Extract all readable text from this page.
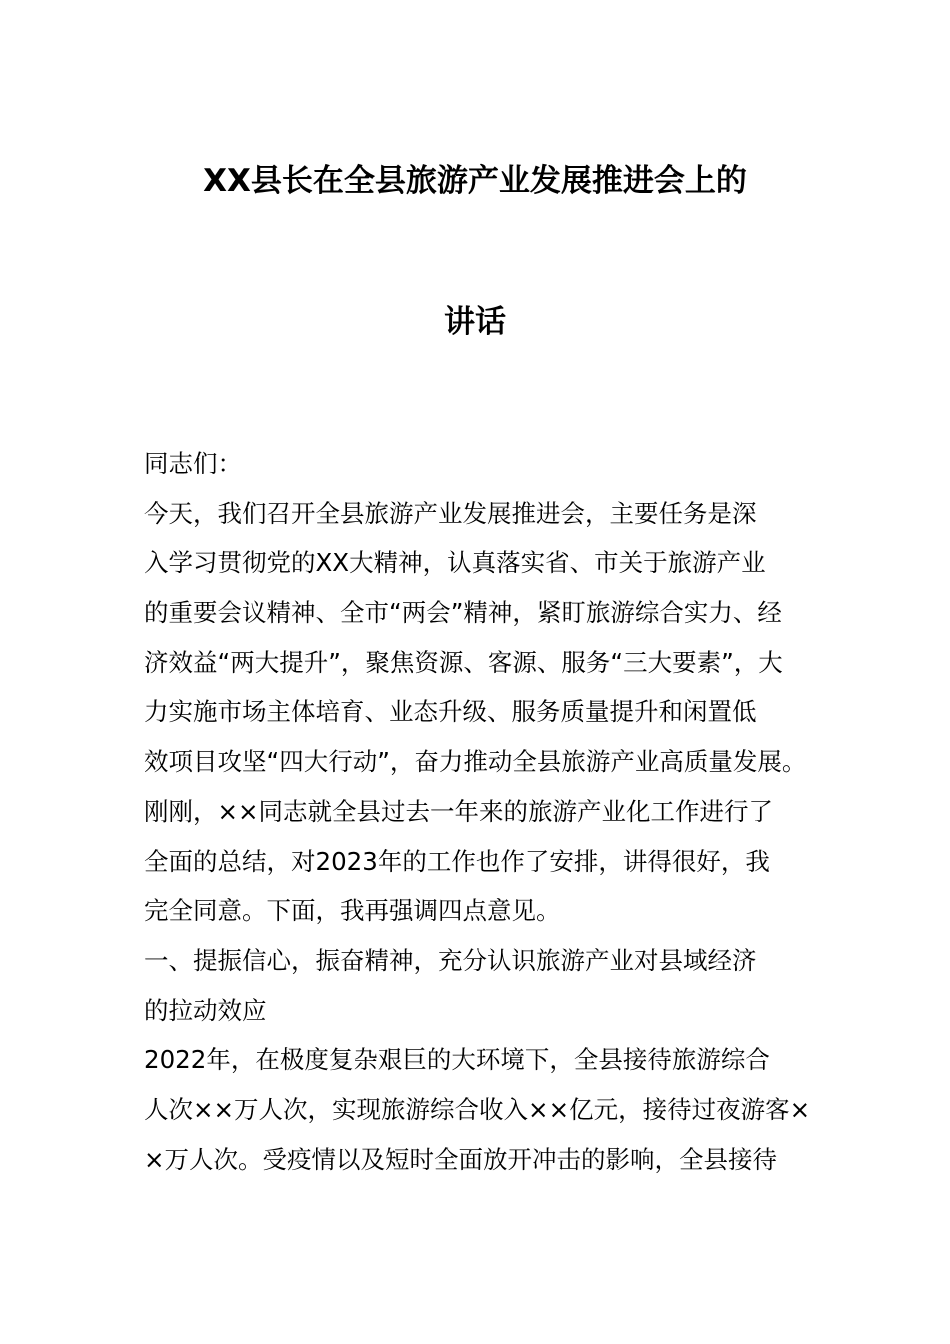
XX县长在全县旅游产业发展推进会上的
讲话
同志们：
今天，我们召开全县旅游产业发展推进会，主要任务是深
入学习贯彻党的XX大精神，认真落实省、市关于旅游产业
的重要会议精神、全市“两会”精神，紧盯旅游综合实力、经
济效益“两大提升”，聚焦资源、客源、服务“三大要素”，大
力实施市场主体培育、业态升级、服务质量提升和闲置低
效项目攻坚“四大行动”，奋力推动全县旅游产业高质量发展。
刚刚，××同志就全县过去一年来的旅游产业化工作进行了
全面的总结，对2023年的工作也作了安排，讲得很好，我
完全同意。下面，我再强调四点意见。
一、提振信心，振奋精神，充分认识旅游产业对县域经济
的拉动效应
2022年，在极度复杂艰巨的大环境下，全县接待旅游综合
人次××万人次，实现旅游综合收入××亿元，接待过夜游客×
×万人次。受疫情以及短时全面放开冲击的影响，全县接待
